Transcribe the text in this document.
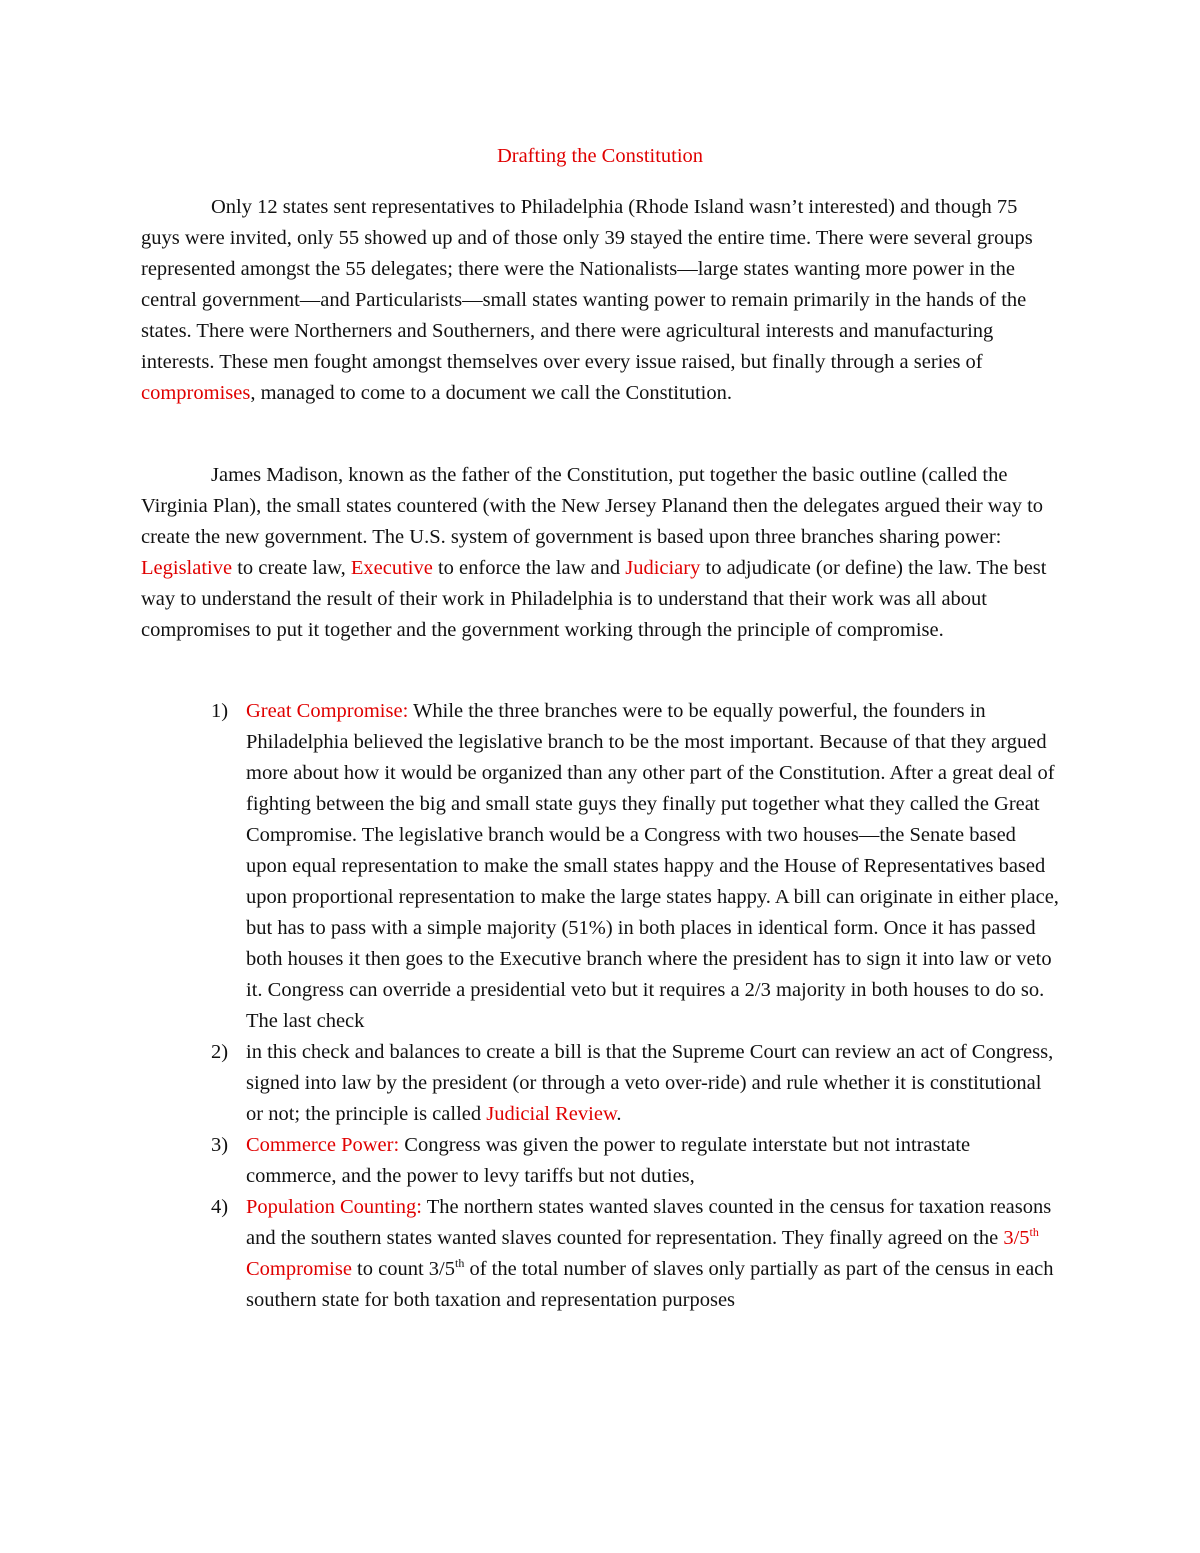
Drafting the Constitution

Only 12 states sent representatives to Philadelphia (Rhode Island wasn’t interested) and though 75 guys were invited, only 55 showed up and of those only 39 stayed the entire time. There were several groups represented amongst the 55 delegates; there were the Nationalists—large states wanting more power in the central government—and Particularists—small states wanting power to remain primarily in the hands of the states. There were Northerners and Southerners, and there were agricultural interests and manufacturing interests. These men fought amongst themselves over every issue raised, but finally through a series of compromises, managed to come to a document we call the Constitution.

James Madison, known as the father of the Constitution, put together the basic outline (called the Virginia Plan), the small states countered (with the New Jersey Planand then the delegates argued their way to create the new government. The U.S. system of government is based upon three branches sharing power: Legislative to create law, Executive to enforce the law and Judiciary to adjudicate (or define) the law. The best way to understand the result of their work in Philadelphia is to understand that their work was all about compromises to put it together and the government working through the principle of compromise.

1) Great Compromise: While the three branches were to be equally powerful, the founders in Philadelphia believed the legislative branch to be the most important. Because of that they argued more about how it would be organized than any other part of the Constitution. After a great deal of fighting between the big and small state guys they finally put together what they called the Great Compromise. The legislative branch would be a Congress with two houses—the Senate based upon equal representation to make the small states happy and the House of Representatives based upon proportional representation to make the large states happy. A bill can originate in either place, but has to pass with a simple majority (51%) in both places in identical form. Once it has passed both houses it then goes to the Executive branch where the president has to sign it into law or veto it. Congress can override a presidential veto but it requires a 2/3 majority in both houses to do so. The last check
2) in this check and balances to create a bill is that the Supreme Court can review an act of Congress, signed into law by the president (or through a veto over-ride) and rule whether it is constitutional or not; the principle is called Judicial Review.
3) Commerce Power: Congress was given the power to regulate interstate but not intrastate commerce, and the power to levy tariffs but not duties,
4) Population Counting: The northern states wanted slaves counted in the census for taxation reasons and the southern states wanted slaves counted for representation. They finally agreed on the 3/5th Compromise to count 3/5th of the total number of slaves only partially as part of the census in each southern state for both taxation and representation purposes
